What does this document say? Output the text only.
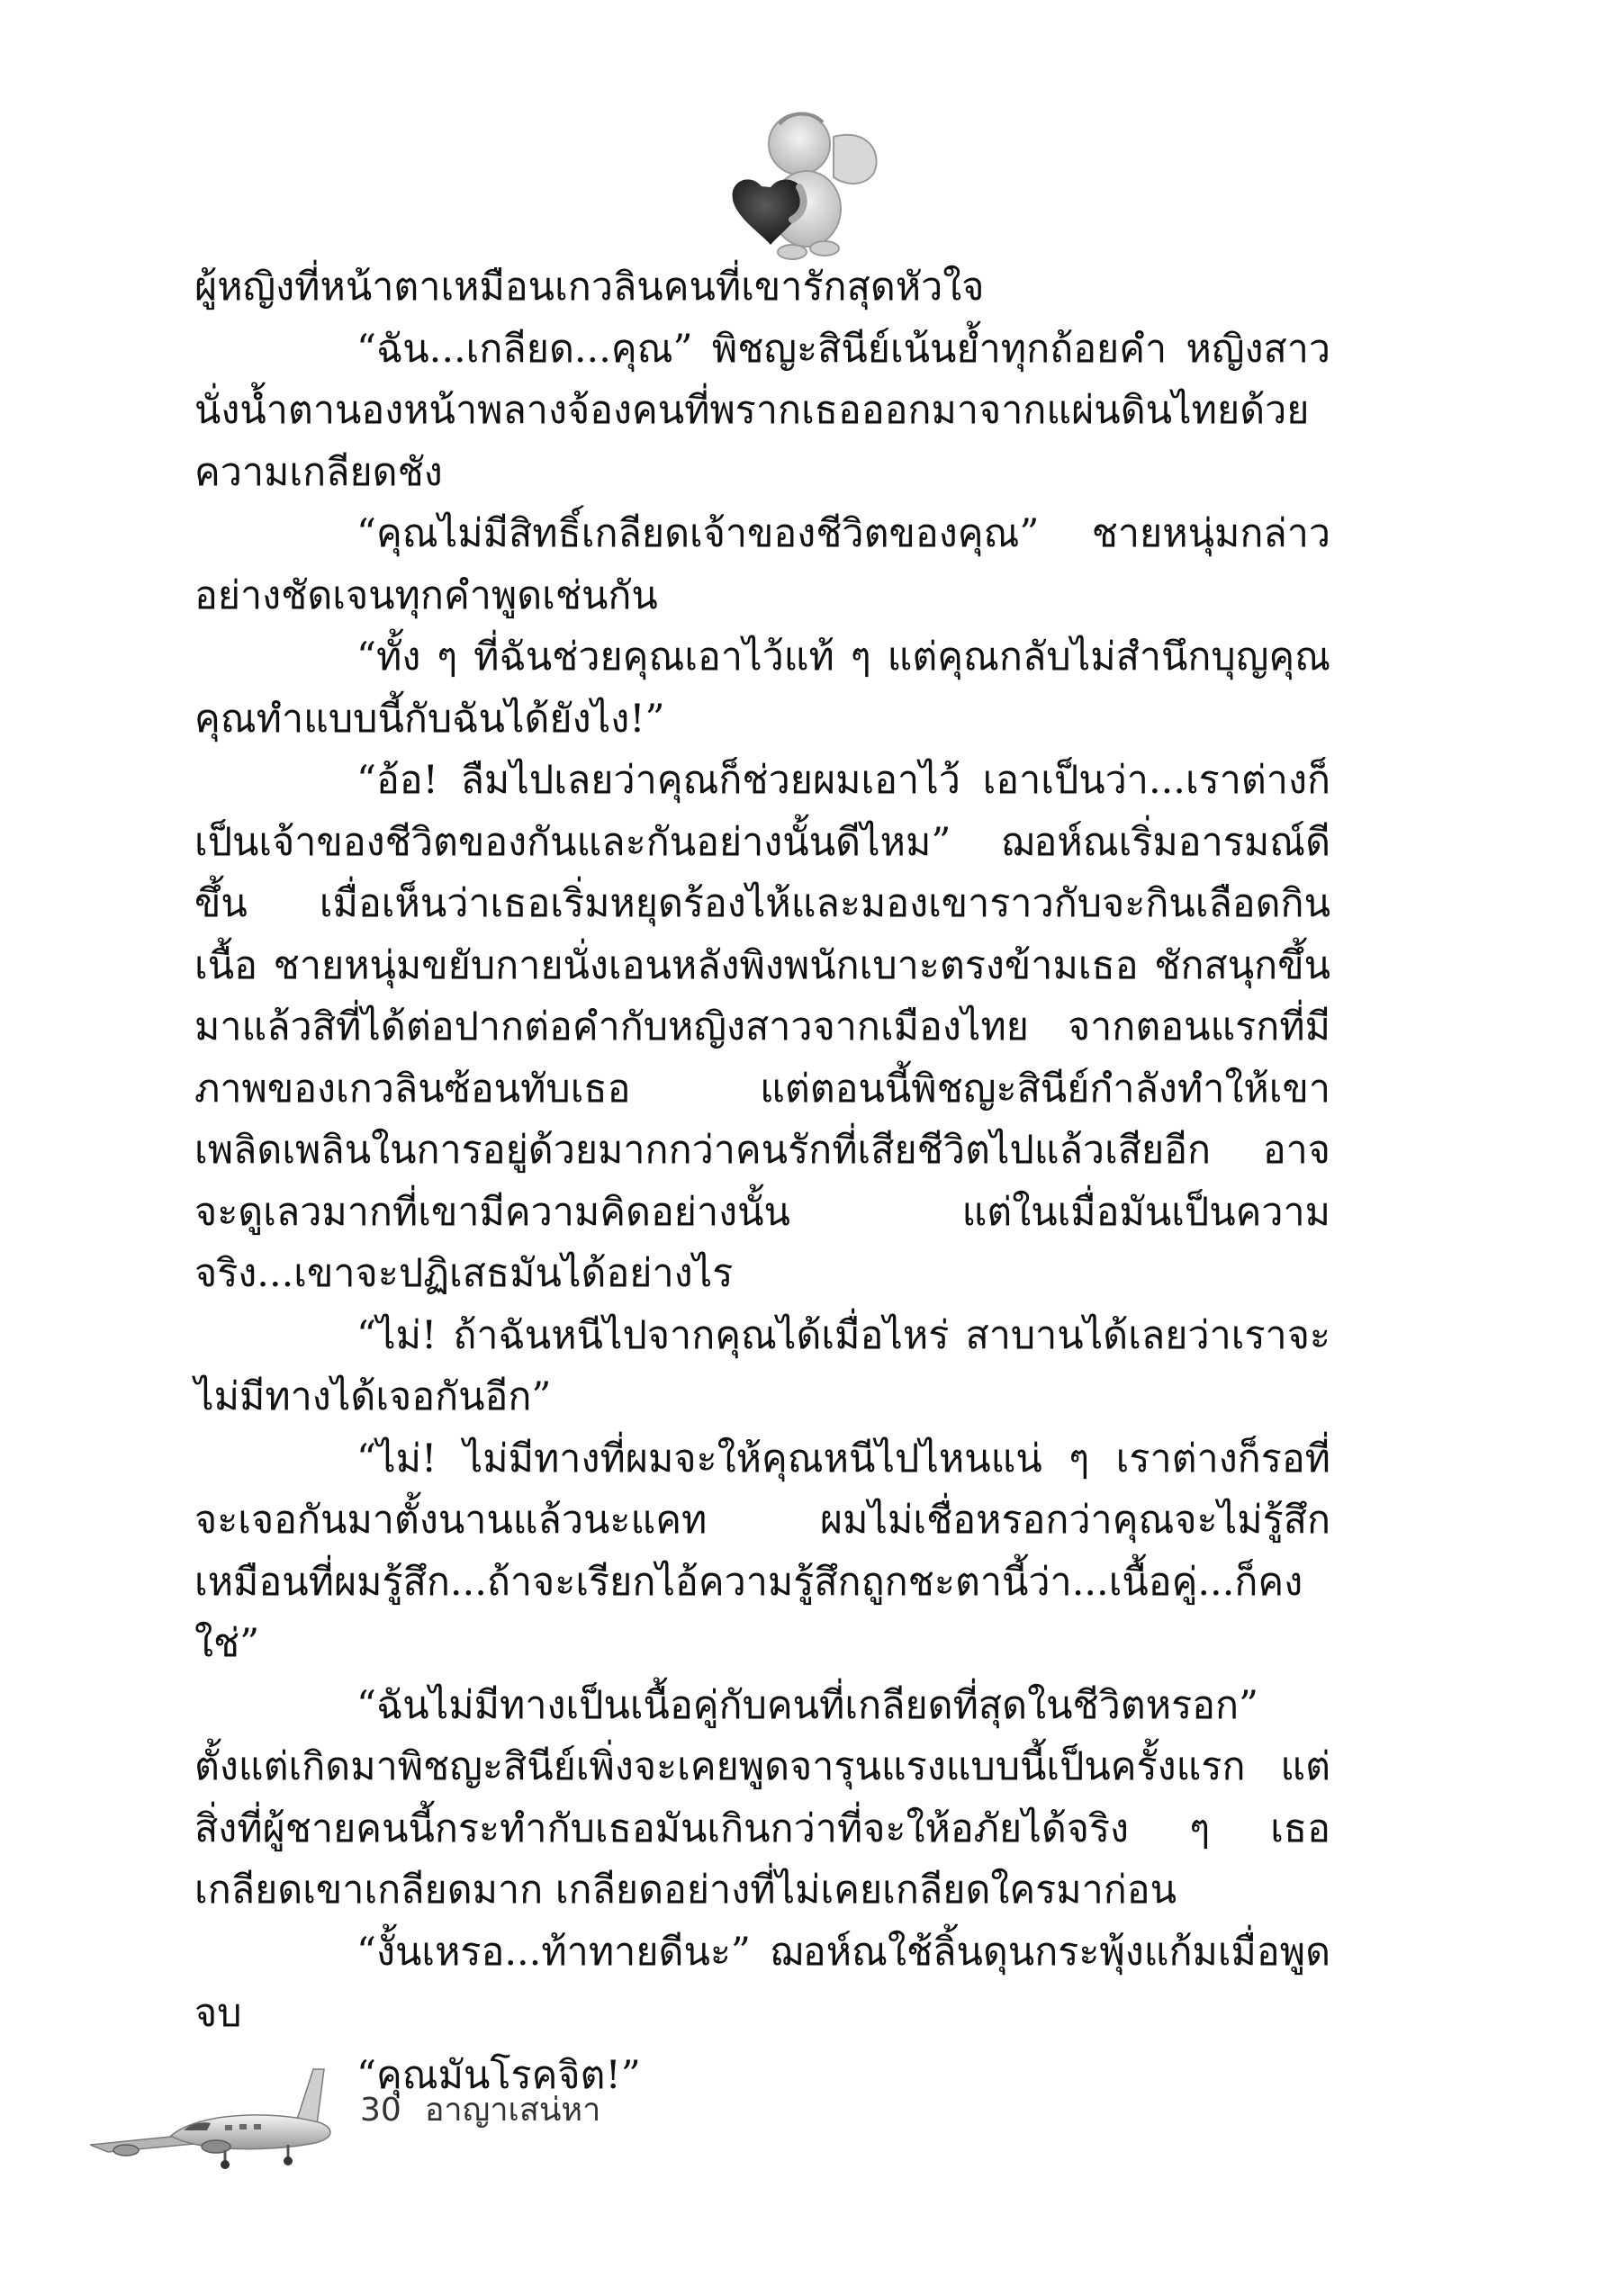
ผู้หญิงที่หน้าตาเหมือนเกวลินคนที่เขารักสุดหัวใจ

“ฉัน...เกลียด...คุณ” พิชญะสินีย์เน้นย้ำทุกถ้อยคำ หญิงสาวนั่งน้ำตานองหน้าพลางจ้องคนที่พรากเธอออกมาจากแผ่นดินไทยด้วยความเกลียดชัง

“คุณไม่มีสิทธิ์เกลียดเจ้าของชีวิตของคุณ” ชายหนุ่มกล่าวอย่างชัดเจนทุกคำพูดเช่นกัน

“ทั้ง ๆ ที่ฉันช่วยคุณเอาไว้แท้ ๆ แต่คุณกลับไม่สำนึกบุญคุณคุณทำแบบนี้กับฉันได้ยังไง!”

“อ้อ! ลืมไปเลยว่าคุณก็ช่วยผมเอาไว้ เอาเป็นว่า...เราต่างก็เป็นเจ้าของชีวิตของกันและกันอย่างนั้นดีไหม” ฌอห์ณเริ่มอารมณ์ดีขึ้น เมื่อเห็นว่าเธอเริ่มหยุดร้องไห้และมองเขาราวกับจะกินเลือดกินเนื้อ ชายหนุ่มขยับกายนั่งเอนหลังพิงพนักเบาะตรงข้ามเธอ ชักสนุกขึ้นมาแล้วสิที่ได้ต่อปากต่อคำกับหญิงสาวจากเมืองไทย จากตอนแรกที่มีภาพของเกวลินซ้อนทับเธอ แต่ตอนนี้พิชญะสินีย์กำลังทำให้เขาเพลิดเพลินในการอยู่ด้วยมากกว่าคนรักที่เสียชีวิตไปแล้วเสียอีก อาจจะดูเลวมากที่เขามีความคิดอย่างนั้น แต่ในเมื่อมันเป็นความจริง...เขาจะปฏิเสธมันได้อย่างไร

“ไม่! ถ้าฉันหนีไปจากคุณได้เมื่อไหร่ สาบานได้เลยว่าเราจะไม่มีทางได้เจอกันอีก”

“ไม่! ไม่มีทางที่ผมจะให้คุณหนีไปไหนแน่ ๆ เราต่างก็รอที่จะเจอกันมาตั้งนานแล้วนะแคท ผมไม่เชื่อหรอกว่าคุณจะไม่รู้สึกเหมือนที่ผมรู้สึก...ถ้าจะเรียกไอ้ความรู้สึกถูกชะตานี้ว่า...เนื้อคู่...ก็คงใช่”

“ฉันไม่มีทางเป็นเนื้อคู่กับคนที่เกลียดที่สุดในชีวิตหรอก” ตั้งแต่เกิดมาพิชญะสินีย์เพิ่งจะเคยพูดจารุนแรงแบบนี้เป็นครั้งแรก แต่สิ่งที่ผู้ชายคนนี้กระทำกับเธอมันเกินกว่าที่จะให้อภัยได้จริง ๆ เธอเกลียดเขาเกลียดมาก เกลียดอย่างที่ไม่เคยเกลียดใครมาก่อน

“งั้นเหรอ...ท้าทายดีนะ” ฌอห์ณใช้ลิ้นดุนกระพุ้งแก้มเมื่อพูดจบ

“คุณมันโรคจิต!”

30 อาญาเสน่หา
